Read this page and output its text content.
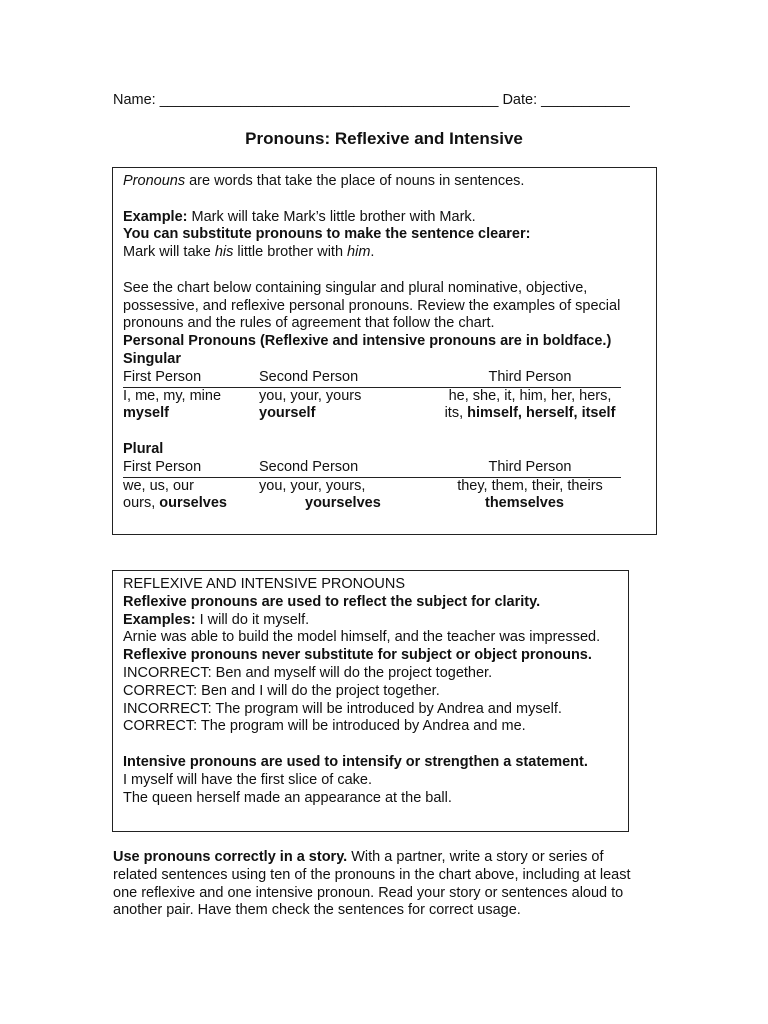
Name: __________________________________________ Date: ___________
Pronouns: Reflexive and Intensive

Pronouns are words that take the place of nouns in sentences.

Example: Mark will take Mark’s little brother with Mark.

You can substitute pronouns to make the sentence clearer:

Mark will take his little brother with him.

See the chart below containing singular and plural nominative, objective,

possessive, and reflexive personal pronouns. Review the examples of special

pronouns and the rules of agreement that follow the chart.

Personal Pronouns (Reflexive and intensive pronouns are in boldface.)

Singular

First Person	Second Person	Third Person
I, me, my, mine	you, your, yours	he, she, it, him, her, hers,
myself	yourself	its, himself, herself, itself

Plural

First Person	Second Person	Third Person
we, us, our	you, your, yours,	they, them, their, theirs
ours, ourselves	yourselves	themselves

REFLEXIVE AND INTENSIVE PRONOUNS

Reflexive pronouns are used to reflect the subject for clarity.

Examples: I will do it myself.

Arnie was able to build the model himself, and the teacher was impressed.

Reflexive pronouns never substitute for subject or object pronouns.

INCORRECT: Ben and myself will do the project together.

CORRECT: Ben and I will do the project together.

INCORRECT: The program will be introduced by Andrea and myself.

CORRECT: The program will be introduced by Andrea and me.

Intensive pronouns are used to intensify or strengthen a statement.

I myself will have the first slice of cake.

The queen herself made an appearance at the ball.

Use pronouns correctly in a story. With a partner, write a story or series of

related sentences using ten of the pronouns in the chart above, including at least

one reflexive and one intensive pronoun. Read your story or sentences aloud to

another pair. Have them check the sentences for correct usage.
